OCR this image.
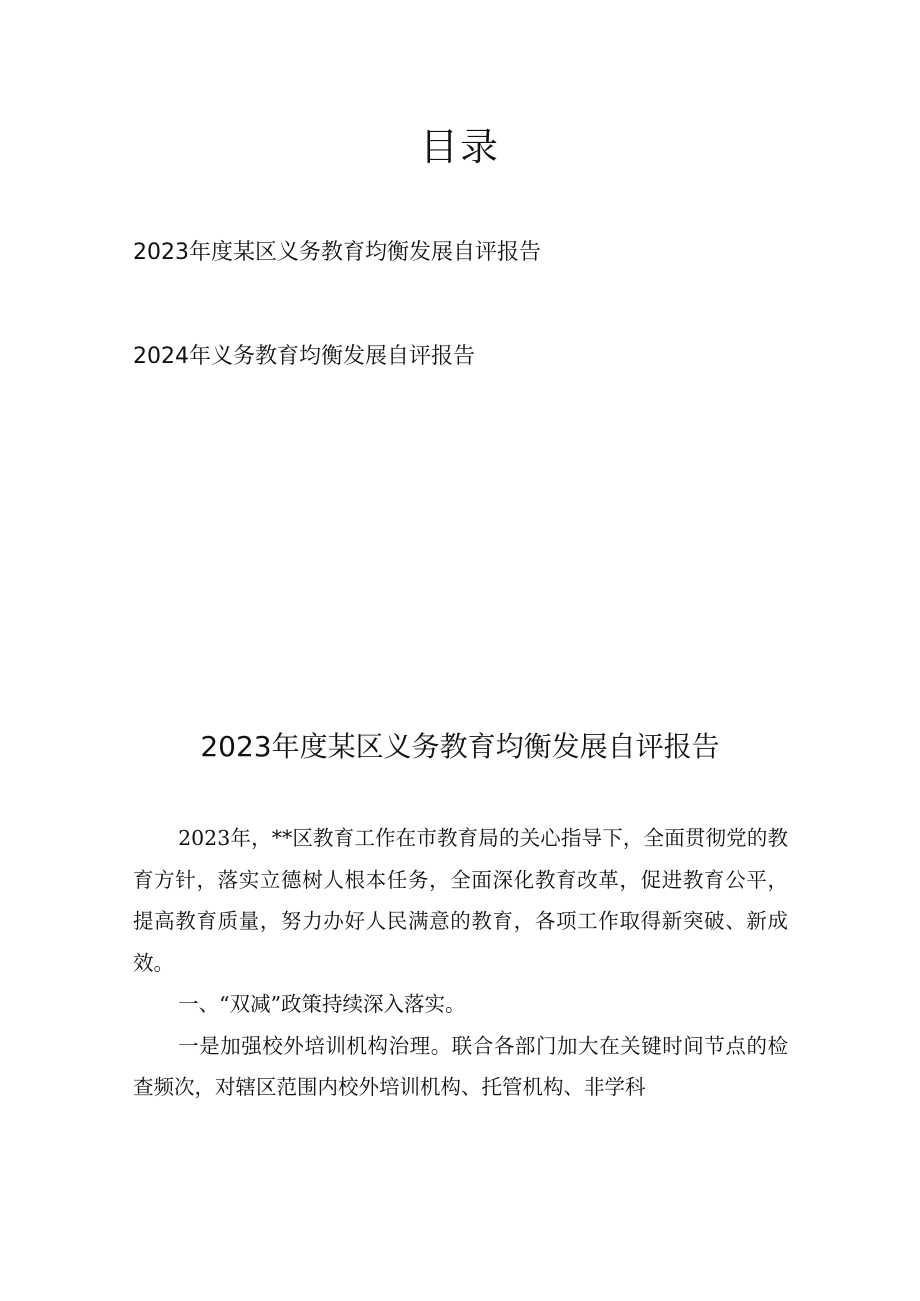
目录
2023年度某区义务教育均衡发展自评报告
2024年义务教育均衡发展自评报告
2023年度某区义务教育均衡发展自评报告

2023年，**区教育工作在市教育局的关心指导下，全面贯彻党的教育方针，落实立德树人根本任务，全面深化教育改革，促进教育公平，提高教育质量，努力办好人民满意的教育，各项工作取得新突破、新成效。

一、“双减”政策持续深入落实。

一是加强校外培训机构治理。联合各部门加大在关键时间节点的检查频次，对辖区范围内校外培训机构、托管机构、非学科
